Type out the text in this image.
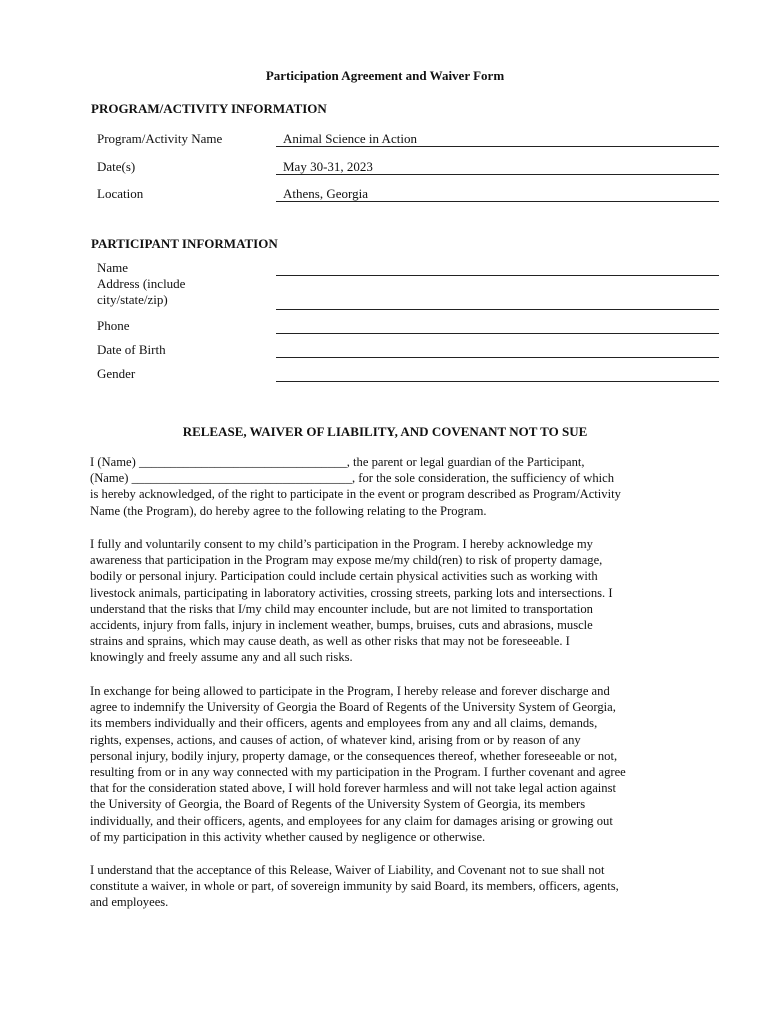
Participation Agreement and Waiver Form
PROGRAM/ACTIVITY INFORMATION
Program/Activity Name	Animal Science in Action
Date(s)	May 30-31, 2023
Location	Athens, Georgia
PARTICIPANT INFORMATION
Name
Address (include
city/state/zip)
Phone
Date of Birth
Gender
RELEASE, WAIVER OF LIABILITY, AND COVENANT NOT TO SUE
I (Name) _________________________________, the parent or legal guardian of the Participant,
(Name) ___________________________________, for the sole consideration, the sufficiency of which
is hereby acknowledged, of the right to participate in the event or program described as Program/Activity
Name (the Program), do hereby agree to the following relating to the Program.
I fully and voluntarily consent to my child’s participation in the Program. I hereby acknowledge my
awareness that participation in the Program may expose me/my child(ren) to risk of property damage,
bodily or personal injury. Participation could include certain physical activities such as working with
livestock animals, participating in laboratory activities, crossing streets, parking lots and intersections. I
understand that the risks that I/my child may encounter include, but are not limited to transportation
accidents, injury from falls, injury in inclement weather, bumps, bruises, cuts and abrasions, muscle
strains and sprains, which may cause death, as well as other risks that may not be foreseeable. I
knowingly and freely assume any and all such risks.
In exchange for being allowed to participate in the Program, I hereby release and forever discharge and
agree to indemnify the University of Georgia the Board of Regents of the University System of Georgia,
its members individually and their officers, agents and employees from any and all claims, demands,
rights, expenses, actions, and causes of action, of whatever kind, arising from or by reason of any
personal injury, bodily injury, property damage, or the consequences thereof, whether foreseeable or not,
resulting from or in any way connected with my participation in the Program. I further covenant and agree
that for the consideration stated above, I will hold forever harmless and will not take legal action against
the University of Georgia, the Board of Regents of the University System of Georgia, its members
individually, and their officers, agents, and employees for any claim for damages arising or growing out
of my participation in this activity whether caused by negligence or otherwise.
I understand that the acceptance of this Release, Waiver of Liability, and Covenant not to sue shall not
constitute a waiver, in whole or part, of sovereign immunity by said Board, its members, officers, agents,
and employees.
